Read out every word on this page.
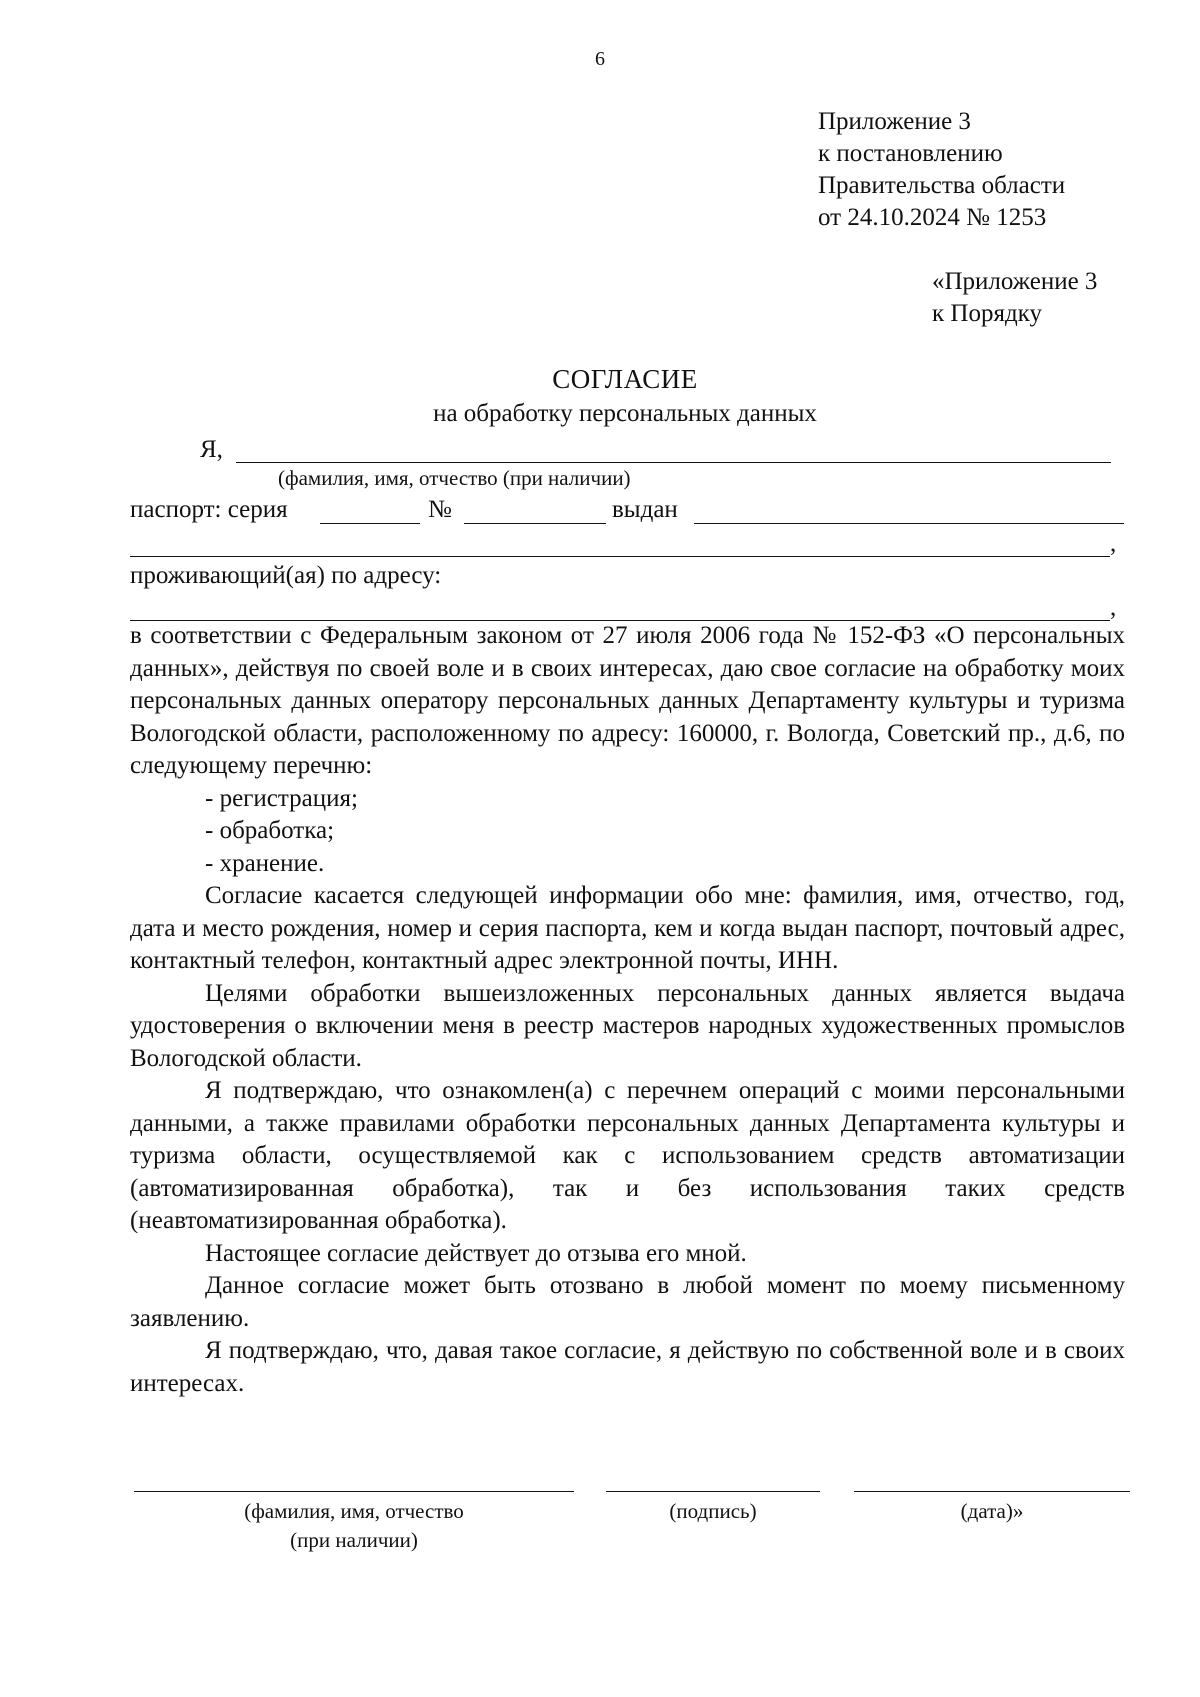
6
Приложение 3
к постановлению
Правительства области
от 24.10.2024 № 1253
«Приложение 3
к Порядку
СОГЛАСИЕ
на обработку персональных данных
Я,
(фамилия, имя, отчество (при наличии)
паспорт: серия	№	выдан
,
проживающий(ая) по адресу:
,

в соответствии с Федеральным законом от 27 июля 2006 года № 152-ФЗ «О персональных данных», действуя по своей воле и в своих интересах, даю свое согласие на обработку моих персональных данных оператору персональных данных Департаменту культуры и туризма Вологодской области, расположенному по адресу: 160000, г. Вологда, Советский пр., д.6, по следующему перечню:

- регистрация;

- обработка;

- хранение.

Согласие касается следующей информации обо мне: фамилия, имя, отчество, год, дата и место рождения, номер и серия паспорта, кем и когда выдан паспорт, почтовый адрес, контактный телефон, контактный адрес электронной почты, ИНН.

Целями обработки вышеизложенных персональных данных является выдача удостоверения о включении меня в реестр мастеров народных художественных промыслов Вологодской области.

Я подтверждаю, что ознакомлен(а) с перечнем операций с моими персональными данными, а также правилами обработки персональных данных Департамента культуры и туризма области, осуществляемой как с использованием средств автоматизации (автоматизированная обработка), так и без использования таких средств (неавтоматизированная обработка).

Настоящее согласие действует до отзыва его мной.

Данное согласие может быть отозвано в любой момент по моему письменному заявлению.

Я подтверждаю, что, давая такое согласие, я действую по собственной воле и в своих интересах.

(фамилия, имя, отчество
(при наличии)
(подпись)	(дата)»
